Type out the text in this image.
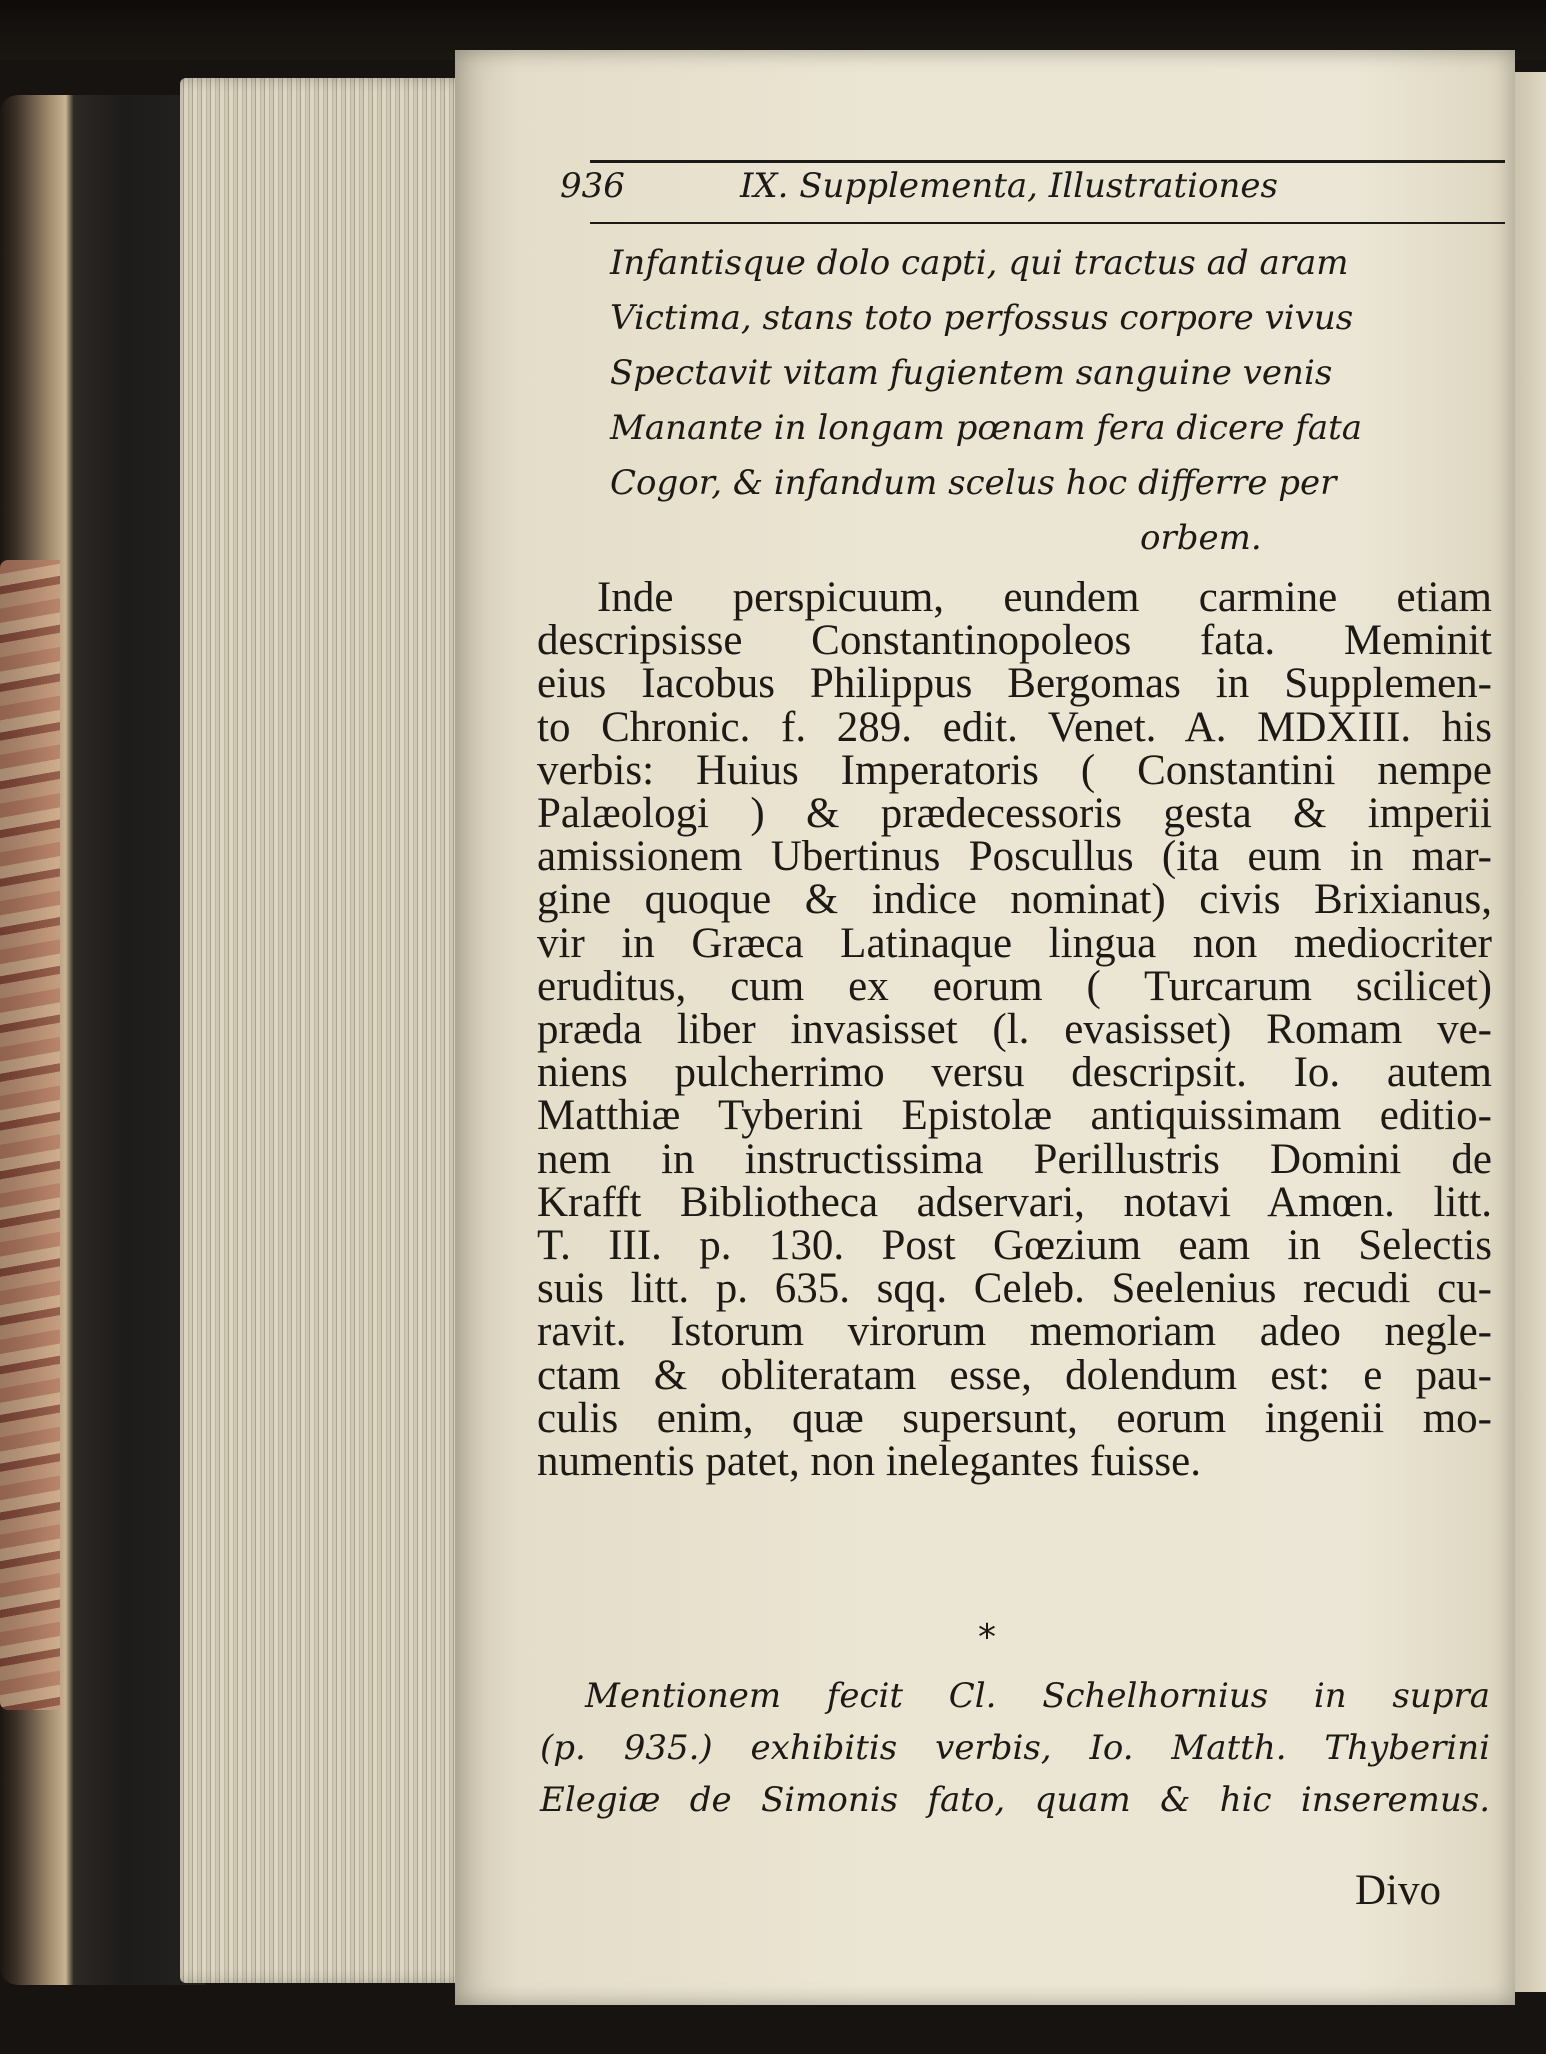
936	IX. Supplementa, Illustrationes
Infantisque dolo capti, qui tractus ad aram
Victima, stans toto perfossus corpore vivus
Spectavit vitam fugientem sanguine venis
Manante in longam pœnam fera dicere fata
Cogor, & infandum scelus hoc differre per
orbem.
Inde perspicuum, eundem carmine etiam
descripsisse Constantinopoleos fata. Meminit
eius Iacobus Philippus Bergomas in Supplemen-
to Chronic. f. 289. edit. Venet. A. MDXIII. his
verbis: Huius Imperatoris ( Constantini nempe
Palæologi ) & prædecessoris gesta & imperii
amissionem Ubertinus Poscullus (ita eum in mar-
gine quoque & indice nominat) civis Brixianus,
vir in Græca Latinaque lingua non mediocriter
eruditus, cum ex eorum ( Turcarum scilicet)
præda liber invasisset (l. evasisset) Romam ve-
niens pulcherrimo versu descripsit. Io. autem
Matthiæ Tyberini Epistolæ antiquissimam editio-
nem in instructissima Perillustris Domini de
Krafft Bibliotheca adservari, notavi Amœn. litt.
T. III. p. 130. Post Gœzium eam in Selectis
suis litt. p. 635. sqq. Celeb. Seelenius recudi cu-
ravit. Istorum virorum memoriam adeo negle-
ctam & obliteratam esse, dolendum est: e pau-
culis enim, quæ supersunt, eorum ingenii mo-
numentis patet, non inelegantes fuisse.
*
Mentionem fecit Cl. Schelhornius in supra
(p. 935.) exhibitis verbis, Io. Matth. Thyberini
Elegiæ de Simonis fato, quam & hic inseremus.
Divo
